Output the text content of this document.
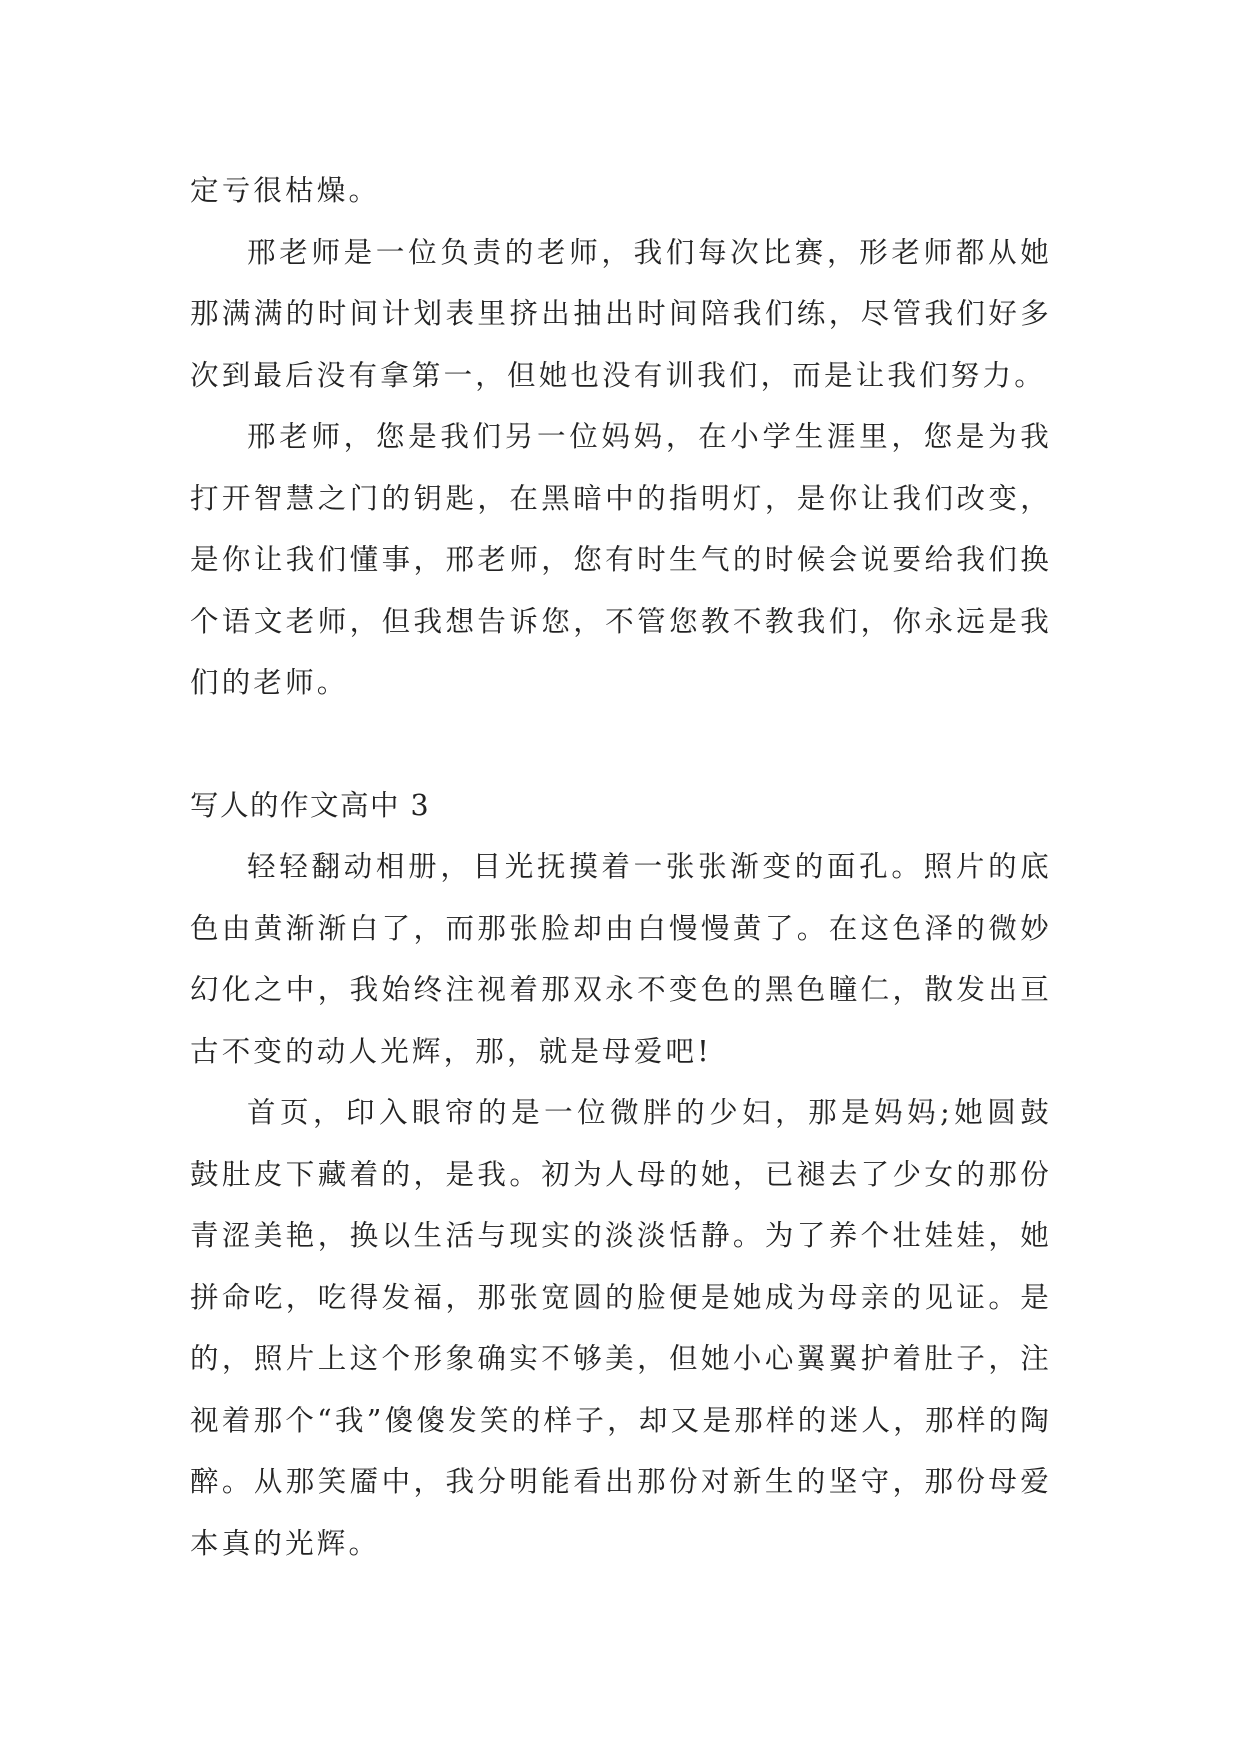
定亏很枯燥。

邢老师是一位负责的老师，我们每次比赛，形老师都从她那满满的时间计划表里挤出抽出时间陪我们练，尽管我们好多次到最后没有拿第一，但她也没有训我们，而是让我们努力。

邢老师，您是我们另一位妈妈，在小学生涯里，您是为我打开智慧之门的钥匙，在黑暗中的指明灯，是你让我们改变，是你让我们懂事，邢老师，您有时生气的时候会说要给我们换个语文老师，但我想告诉您，不管您教不教我们，你永远是我们的老师。

写人的作文高中 3

轻轻翻动相册，目光抚摸着一张张渐变的面孔。照片的底色由黄渐渐白了，而那张脸却由白慢慢黄了。在这色泽的微妙幻化之中，我始终注视着那双永不变色的黑色瞳仁，散发出亘古不变的动人光辉，那，就是母爱吧!

首页，印入眼帘的是一位微胖的少妇，那是妈妈;她圆鼓鼓肚皮下藏着的，是我。初为人母的她，已褪去了少女的那份青涩美艳，换以生活与现实的淡淡恬静。为了养个壮娃娃，她拼命吃，吃得发福，那张宽圆的脸便是她成为母亲的见证。是的，照片上这个形象确实不够美，但她小心翼翼护着肚子，注视着那个“我”傻傻发笑的样子，却又是那样的迷人，那样的陶醉。从那笑靥中，我分明能看出那份对新生的坚守，那份母爱本真的光辉。
